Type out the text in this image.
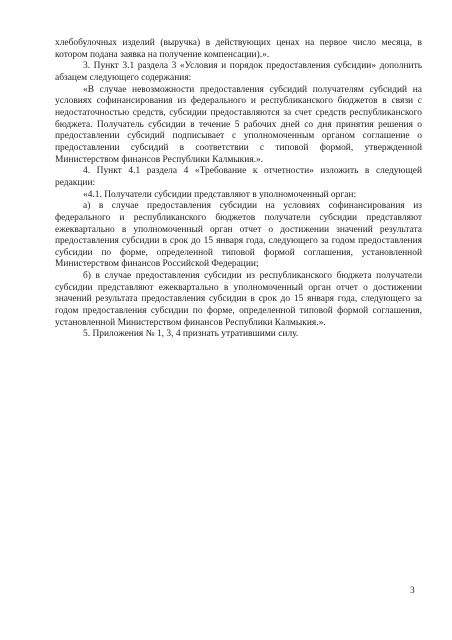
хлебобулочных изделий (выручка) в действующих ценах на первое число месяца, в котором подана заявка на получение компенсации).».

3. Пункт 3.1 раздела 3 «Условия и порядок предоставления субсидии» дополнить абзацем следующего содержания:

«В случае невозможности предоставления субсидий получателям субсидий на условиях софинансирования из федерального и республиканского бюджетов в связи с недостаточностью средств, субсидии предоставляются за счет средств республиканского бюджета. Получатель субсидии в течение 5 рабочих дней со дня принятия решения о предоставлении субсидий подписывает с уполномоченным органом соглашение о предоставлении субсидий в соответствии с типовой формой, утвержденной Министерством финансов Республики Калмыкия.».

4. Пункт 4.1 раздела 4 «Требование к отчетности» изложить в следующей редакции:

«4.1. Получатели субсидии представляют в уполномоченный орган:

а) в случае предоставления субсидии на условиях софинансирования из федерального и республиканского бюджетов получатели субсидии представляют ежеквартально в уполномоченный орган отчет о достижении значений результата предоставления субсидии в срок до 15 января года, следующего за годом предоставления субсидии по форме, определенной типовой формой соглашения, установленной Министерством финансов Российской Федерации;

б) в случае предоставления субсидии из республиканского бюджета получатели субсидии представляют ежеквартально в уполномоченный орган отчет о достижении значений результата предоставления субсидии в срок до 15 января года, следующего за годом предоставления субсидии по форме, определенной типовой формой соглашения, установленной Министерством финансов Республики Калмыкия.».

5. Приложения № 1, 3, 4 признать утратившими силу.

3
